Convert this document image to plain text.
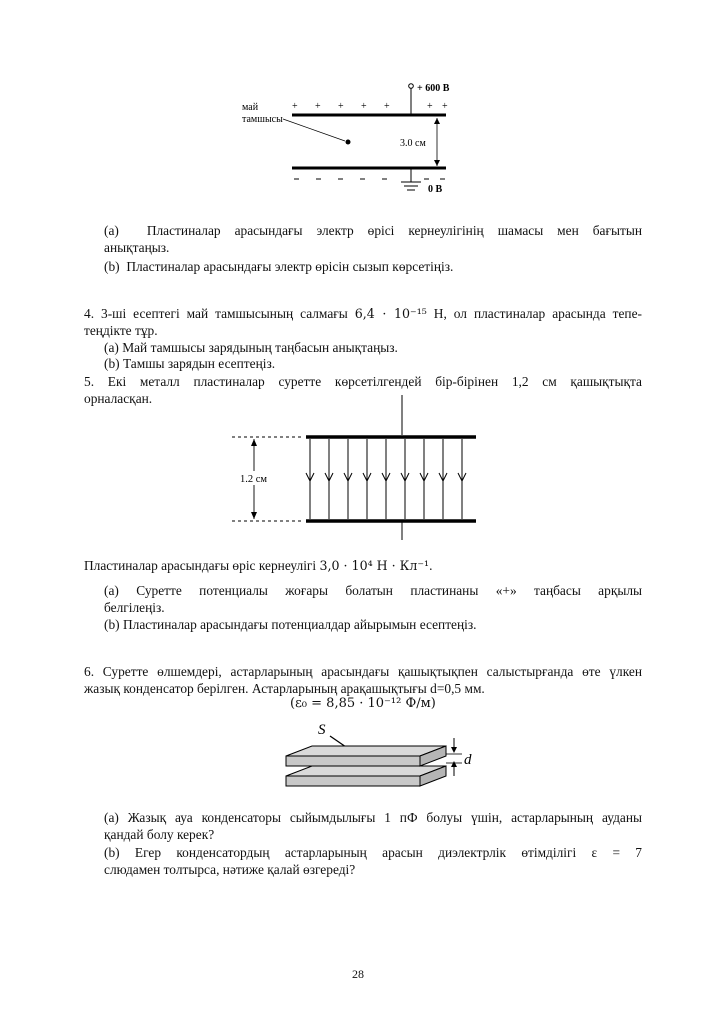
+ 600 B
+ + + + +	+ +
май
тамшысы
3.0 см
0 B

(a) Пластиналар арасындағы электр өрісі кернеулігінің шамасы мен бағытын

анықтаңыз.

(b) Пластиналар арасындағы электр өрісін сызып көрсетіңіз.

4. 3-ші есептегі май тамшысының салмағы 6,4 · 10⁻¹⁵ Н, ол пластиналар арасында тепе-

теңдікте тұр.

(a) Май тамшысы зарядының таңбасын анықтаңыз.

(b) Тамшы зарядын есептеңіз.

5. Екі металл пластиналар суретте көрсетілгендей бір-бірінен 1,2 см қашықтықта

орналасқан.

1.2 см

Пластиналар арасындағы өріс кернеулігі 3,0 · 10⁴ Н · Кл⁻¹.

(a) Суретте потенциалы жоғары болатын пластинаны «+» таңбасы арқылы

белгілеңіз.

(b) Пластиналар арасындағы потенциалдар айырымын есептеңіз.

6. Суретте өлшемдері, астарларының арасындағы қашықтықпен салыстырғанда өте үлкен

жазық конденсатор берілген. Астарларының арақашықтығы d=0,5 мм.

(ε₀ = 8,85 · 10⁻¹² Ф/м)

S
d

(a) Жазық ауа конденсаторы сыйымдылығы 1 пФ болуы үшін, астарларының ауданы

қандай болу керек?

(b) Егер конденсатордың астарларының арасын диэлектрлік өтімділігі ε = 7

слюдамен толтырса, нәтиже қалай өзгереді?

28
